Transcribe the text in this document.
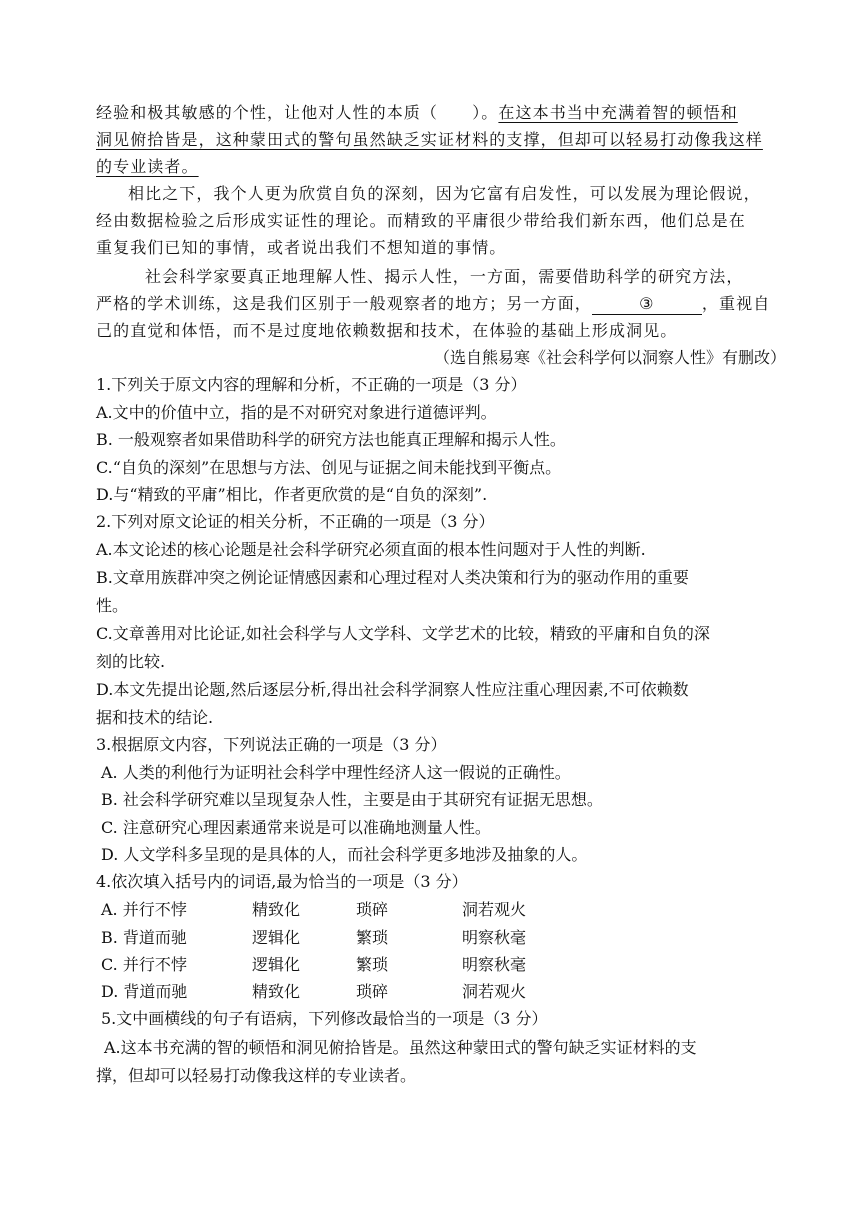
经验和极其敏感的个性，让他对人性的本质（　　）。在这本书当中充满着智的顿悟和
洞见俯拾皆是，这种蒙田式的警句虽然缺乏实证材料的支撑，但却可以轻易打动像我这样
的专业读者。
相比之下，我个人更为欣赏自负的深刻，因为它富有启发性，可以发展为理论假说，
经由数据检验之后形成实证性的理论。而精致的平庸很少带给我们新东西，他们总是在
重复我们已知的事情，或者说出我们不想知道的事情。
社会科学家要真正地理解人性、揭示人性，一方面，需要借助科学的研究方法，
严格的学术训练，这是我们区别于一般观察者的地方；另一方面，	③	，重视自
己的直觉和体悟，而不是过度地依赖数据和技术，在体验的基础上形成洞见。
（选自熊易寒《社会科学何以洞察人性》有删改）
1.下列关于原文内容的理解和分析，不正确的一项是（3 分）
A.文中的价值中立，指的是不对研究对象进行道德评判。
B. 一般观察者如果借助科学的研究方法也能真正理解和揭示人性。
C.“自负的深刻”在思想与方法、创见与证据之间未能找到平衡点。
D.与“精致的平庸”相比，作者更欣赏的是“自负的深刻”.
2.下列对原文论证的相关分析，不正确的一项是（3 分）
A.本文论述的核心论题是社会科学研究必须直面的根本性问题对于人性的判断.
B.文章用族群冲突之例论证情感因素和心理过程对人类决策和行为的驱动作用的重要
性。
C.文章善用对比论证,如社会科学与人文学科、文学艺术的比较，精致的平庸和自负的深
刻的比较.
D.本文先提出论题,然后逐层分析,得出社会科学洞察人性应注重心理因素,不可依赖数
据和技术的结论.
3.根据原文内容，下列说法正确的一项是（3 分）
A. 人类的利他行为证明社会科学中理性经济人这一假说的正确性。
B. 社会科学研究难以呈现复杂人性，主要是由于其研究有证据无思想。
C. 注意研究心理因素通常来说是可以准确地测量人性。
D. 人文学科多呈现的是具体的人，而社会科学更多地涉及抽象的人。
4.依次填入括号内的词语,最为恰当的一项是（3 分）
A. 并行不悖	精致化	琐碎	洞若观火
B. 背道而驰	逻辑化	繁琐	明察秋毫
C. 并行不悖	逻辑化	繁琐	明察秋毫
D. 背道而驰	精致化	琐碎	洞若观火
5.文中画横线的句子有语病，下列修改最恰当的一项是（3 分）
A.这本书充满的智的顿悟和洞见俯拾皆是。虽然这种蒙田式的警句缺乏实证材料的支
撑，但却可以轻易打动像我这样的专业读者。
